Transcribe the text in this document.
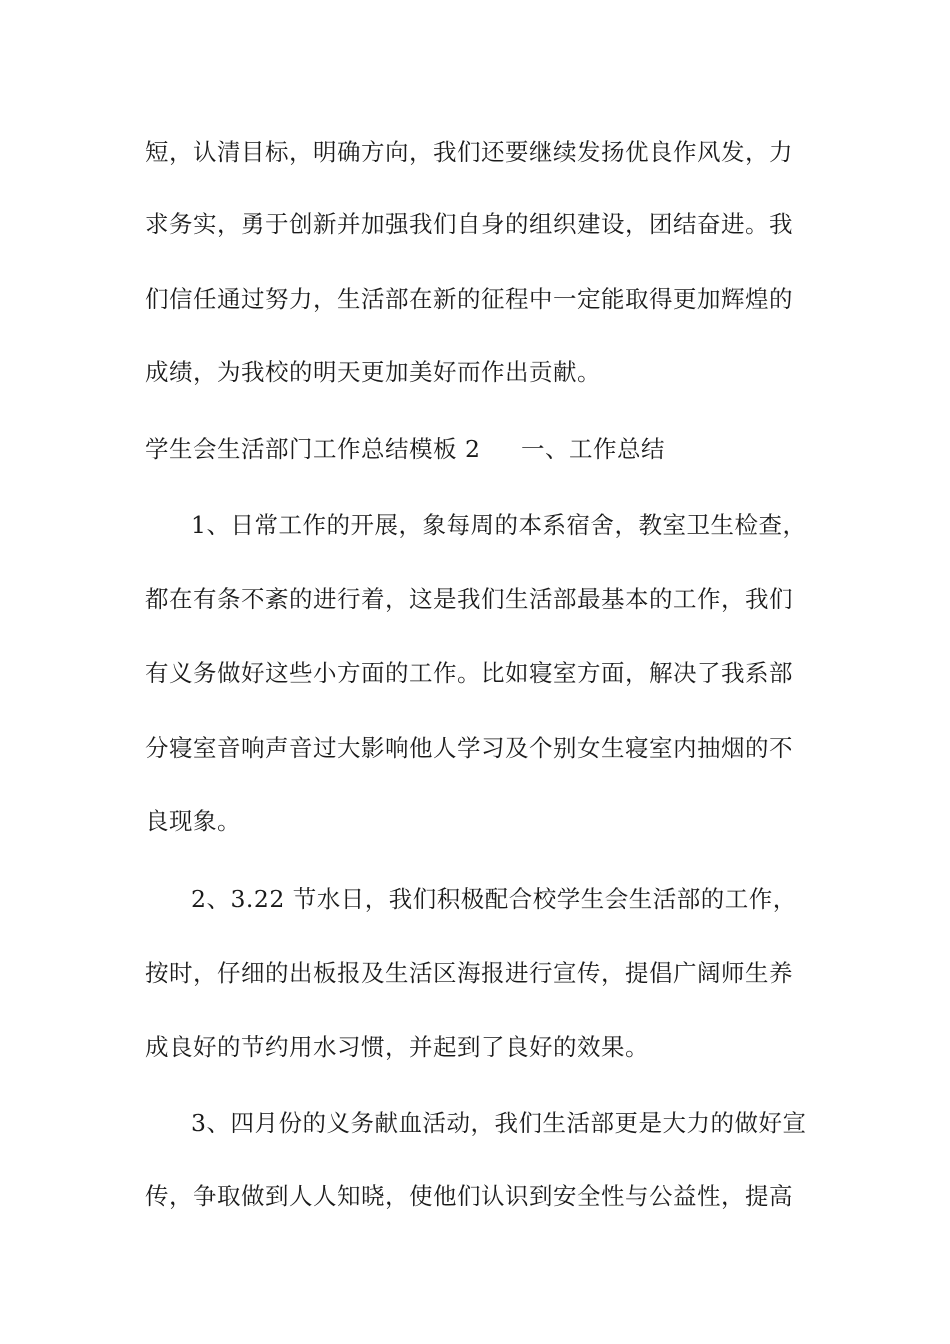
短，认清目标，明确方向，我们还要继续发扬优良作风发，力
求务实，勇于创新并加强我们自身的组织建设，团结奋进。我
们信任通过努力，生活部在新的征程中一定能取得更加辉煌的
成绩，为我校的明天更加美好而作出贡献。
学生会生活部门工作总结模板 2 一、工作总结
1、日常工作的开展，象每周的本系宿舍，教室卫生检查，
都在有条不紊的进行着，这是我们生活部最基本的工作，我们
有义务做好这些小方面的工作。比如寝室方面，解决了我系部
分寝室音响声音过大影响他人学习及个别女生寝室内抽烟的不
良现象。
2、3.22 节水日，我们积极配合校学生会生活部的工作，
按时，仔细的出板报及生活区海报进行宣传，提倡广阔师生养
成良好的节约用水习惯，并起到了良好的效果。
3、四月份的义务献血活动，我们生活部更是大力的做好宣
传，争取做到人人知晓，使他们认识到安全性与公益性，提高
